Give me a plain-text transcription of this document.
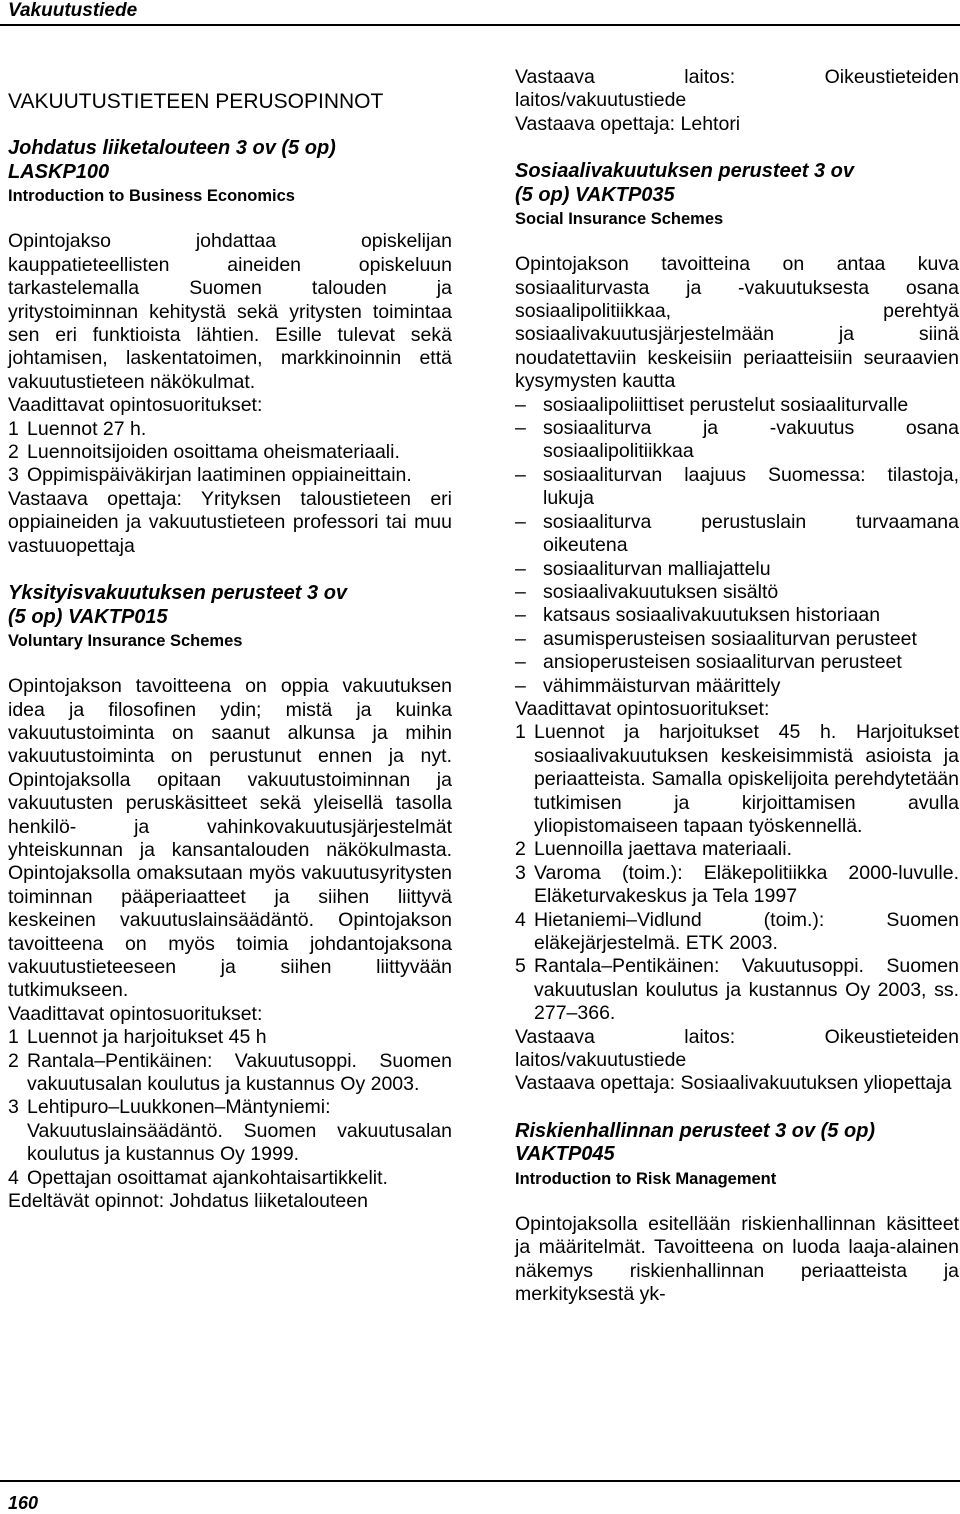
Vakuutustiede
VAKUUTUSTIETEEN PERUSOPINNOT
Johdatus liiketalouteen 3 ov (5 op)
LASKP100
Introduction to Business Economics
Opintojakso johdattaa opiskelijan kauppatieteellisten aineiden opiskeluun tarkastelemalla Suomen talouden ja yritystoiminnan kehitystä sekä yritysten toimintaa sen eri funktioista lähtien. Esille tulevat sekä johtamisen, laskentatoimen, markkinoinnin että vakuutustieteen näkökulmat.
Vaadittavat opintosuoritukset:
1 Luennot 27 h.
2 Luennoitsijoiden osoittama oheismateriaali.
3 Oppimispäiväkirjan laatiminen oppiaineittain.
Vastaava opettaja: Yrityksen taloustieteen eri oppiaineiden ja vakuutustieteen professori tai muu vastuuopettaja
Yksityisvakuutuksen perusteet 3 ov
(5 op) VAKTP015
Voluntary Insurance Schemes
Opintojakson tavoitteena on oppia vakuutuksen idea ja filosofinen ydin; mistä ja kuinka vakuutustoiminta on saanut alkunsa ja mihin vakuutustoiminta on perustunut ennen ja nyt. Opintojaksolla opitaan vakuutustoiminnan ja vakuutusten peruskäsitteet sekä yleisellä tasolla henkilö- ja vahinkovakuutusjärjestelmät yhteiskunnan ja kansantalouden näkökulmasta. Opintojaksolla omaksutaan myös vakuutusyritysten toiminnan pääperiaatteet ja siihen liittyvä keskeinen vakuutuslainsäädäntö. Opintojakson tavoitteena on myös toimia johdantojaksona vakuutustieteeseen ja siihen liittyvään tutkimukseen.
Vaadittavat opintosuoritukset:
1 Luennot ja harjoitukset 45 h
2 Rantala–Pentikäinen: Vakuutusoppi. Suomen vakuutusalan koulutus ja kustannus Oy 2003.
3 Lehtipuro–Luukkonen–Mäntyniemi: Vakuutuslainsäädäntö. Suomen vakuutusalan koulutus ja kustannus Oy 1999.
4 Opettajan osoittamat ajankohtaisartikkelit.
Edeltävät opinnot: Johdatus liiketalouteen
Vastaava laitos:	Oikeustieteiden laitos/vakuutustiede
Vastaava opettaja: Lehtori
Sosiaalivakuutuksen perusteet 3 ov
(5 op) VAKTP035
Social Insurance Schemes
Opintojakson tavoitteina on antaa kuva sosiaaliturvasta ja -vakuutuksesta osana sosiaalipolitiikkaa, perehtyä sosiaalivakuutusjärjestelmään ja siinä noudatettaviin keskeisiin periaatteisiin seuraavien kysymysten kautta
– sosiaalipoliittiset perustelut sosiaaliturvalle
– sosiaaliturva ja -vakuutus osana sosiaalipolitiikkaa
– sosiaaliturvan laajuus Suomessa: tilastoja, lukuja
– sosiaaliturva perustuslain turvaamana oikeutena
– sosiaaliturvan malliajattelu
– sosiaalivakuutuksen sisältö
– katsaus sosiaalivakuutuksen historiaan
– asumisperusteisen sosiaaliturvan perusteet
– ansioperusteisen sosiaaliturvan perusteet
– vähimmäisturvan määrittely
Vaadittavat opintosuoritukset:
1 Luennot ja harjoitukset 45 h. Harjoitukset sosiaalivakuutuksen keskeisimmistä asioista ja periaatteista. Samalla opiskelijoita perehdytetään tutkimisen ja kirjoittamisen avulla yliopistomaiseen tapaan työskennellä.
2 Luennoilla jaettava materiaali.
3 Varoma (toim.): Eläkepolitiikka 2000-luvulle. Eläketurvakeskus ja Tela 1997
4 Hietaniemi–Vidlund (toim.): Suomen eläkejärjestelmä. ETK 2003.
5 Rantala–Pentikäinen: Vakuutusoppi. Suomen vakuutuslan koulutus ja kustannus Oy 2003, ss. 277–366.
Vastaava laitos:	Oikeustieteiden laitos/vakuutustiede
Vastaava opettaja: Sosiaalivakuutuksen yliopettaja
Riskienhallinnan perusteet 3 ov (5 op)
VAKTP045
Introduction to Risk Management
Opintojaksolla esitellään riskienhallinnan käsitteet ja määritelmät. Tavoitteena on luoda laaja-alainen näkemys riskienhallinnan periaatteista ja merkityksestä yk-
160
